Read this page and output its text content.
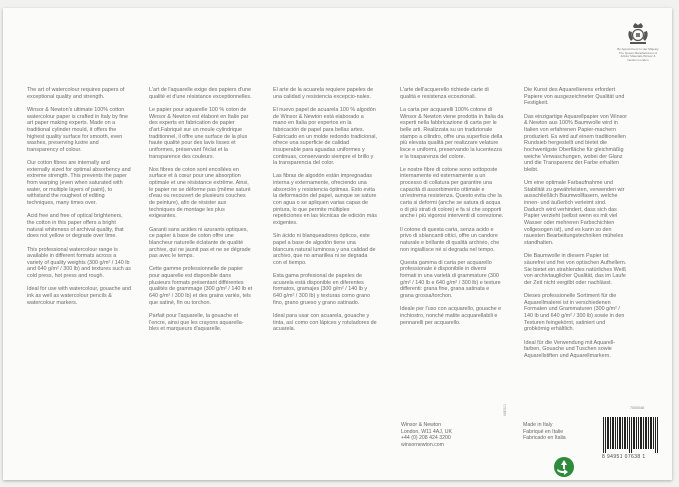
By Appointment to Her Majesty The Queen Manufacturers of Artists' Materials Winsor & Newton London

The art of watercolour requires papers of exceptional quality and strength.

Winsor & Newton's ultimate 100% cotton watercolour paper is crafted in Italy by fine art paper making experts. Made on a traditional cylinder mould, it offers the highest quality surface for smooth, even washes, preserving lustre and transparency of colour.

Our cotton fibres are internally and externally sized for optimal absorbency and extreme strength. This prevents the paper from warping (even when saturated with water, or multiple layers of paint), to withstand the roughest of editing techniques, many times over.

Acid free and free of optical brighteners, the cotton in this paper offers a bright natural whiteness of archival quality, that does not yellow or degrade over time.

This professional watercolour range is available in different formats across a variety of quality weights (300 g/m² / 140 lb and 640 g/m² / 300 lb) and textures such as cold press, hot press and rough.

Ideal for use with watercolour, gouache and ink as well as watercolour pencils & watercolour markers.

L'art de l'aquarelle exige des papiers d'une qualité et d'une résistance exceptionnelles.

Le papier pour aquarelle 100 % coton de Winsor & Newton est élaboré en Italie par des experts en fabrication de papier d'art.Fabriqué sur un moule cylindrique traditionnel, il offre une surface de la plus haute qualité pour des lavis lisses et uniformes, préservant l'éclat et la transparence des couleurs.

Nos fibres de coton sont encollées en surface et à cœur pour une absorption optimale et une résistance extrême. Ainsi, le papier ne se déforme pas (même saturé d'eau ou recouvert de plusieurs couches de peinture), afin de résister aux techniques de montage les plus exigeantes.

Garanti sans acides ni azurants optiques, ce papier à base de coton offre une blancheur naturelle éclatante de qualité archive, qui ne jaunit pas et ne se dégrade pas avec le temps.

Cette gamme professionnelle de papier pour aquarelle est disponible dans plusieurs formats présentant différentes qualités de grammage (300 g/m² / 140 lb et 640 g/m² / 300 lb) et des grains variés, tels que satiné, fin ou torchon.

Parfait pour l'aquarelle, la gouache et l'encre, ainsi que les crayons aquarella-bles et marqueurs d'aquarelle.

El arte de la acuarela requiere papeles de una calidad y resistencia excepcio-nales.

El nuevo papel de acuarela 100 % algodón de Winsor & Newton está elaborado a mano en Italia por expertos en la fabricación de papel para bellas artes. Fabricado en un molde redondo tradicional, ofrece una superficie de calidad insuperable para aguadas uniformes y continuas, conservando siempre el brillo y la transparencia del color.

Las fibras de algodón están impregnadas interna y externamente, ofreciendo una absorción y resistencia óptimas. Esto evita la deformación del papel, aunque se sature con agua o se apliquen varias capas de pintura, lo que permite múltiples repeticiones en las técnicas de edición más exigentes.

Sin ácido ni blanqueadores ópticos, este papel a base de algodón tiene una blancura natural luminosa y una calidad de archivo, que no amarillea ni se degrada con el tiempo.

Esta gama profesional de papeles de acuarela está disponible en diferentes formatos, gramajes (300 g/m² / 140 lb y 640 g/m² / 300 lb) y texturas como grano fino, grano grueso y grano satinado.

Ideal para usar con acuarela, gouache y tinta, así como con lápices y rotuladores de acuarela.

L'arte dell'acquerello richiede carte di qualità e resistenza eccezionali.

La carta per acquarelli 100% cotone di Winsor & Newton viene prodotta in Italia da esperti nella fabbricazione di carta per le belle arti. Realizzata su un tradizionale stampo a cilindro, offre una superficie della più elevata qualità per realizzare velature lisce e uniformi, preservando la lucentezza e la trasparenza del colore.

Le nostre fibre di cotone sono sottoposte internamente ed esternamente a un processo di collatura per garantire una capacità di assorbimento ottimale e un'estrema resistenza. Questo evita che la carta si deformi (anche se satura di acqua o di più strati di colore) e fa sì che sopporti anche i più vigorosi interventi di correzione.

Il cotone di questa carta, senza acido e privo di sbiancanti ottici, offre un candore naturale e brillante di qualità archivio, che non ingiallisce né si degrada nel tempo.

Questa gamma di carta per acquarello professionale è disponibile in diversi formati in una varietà di grammature (300 g/m² / 140 lb e 640 g/m² / 300 lb) e texture differenti: grana fine, grana satinata e grana grossa/torchon.

Ideale per l'uso con acquarello, gouache e inchiostro, nonché matite acquarellabili e pennarelli per acquarello.

Die Kunst des Aquarellierens erfordert Papiere von ausgezeichneter Qualität und Festigkeit.

Das einzigartige Aquarellpapier von Winsor & Newton aus 100% Baumwolle wird in Italien von erfahrenen Papier-machern produziert. Es wird auf einem traditionellen Rundsieb hergestellt und bietet die hochwertigste Oberfläche für gleichmäßig weiche Verwaschungen, wobei der Glanz und die Transparenz der Farbe erhalten bleibt.

Um eine optimale Farbaufnahme und Stabilität zu gewährleisten, verwenden wir ausschließlich Baumwollfasern, welche innen- und äußerlich verleimt sind. Dadurch wird verhindert, dass sich das Papier verzieht (selbst wenn es mit viel Wasser oder mehreren Farbschichten vollgesogen ist), und es kann so den rauesten Bearbeitungstechniken müheles standhalten.

Die Baumwolle in diesem Papier ist säurefrei und frei von optischen Aufhellern. Sie bietet ein strahlendes natürliches Weiß von archivtauglicher Qualität, das im Laufe der Zeit nicht vergilbt oder nachlässt.

Dieses professionelle Sortiment für die Aquarellmalerei ist in verschiedenen Formaten und Grammaturen (300 g/m² / 140 lb und 640 g/m² / 300 lb) sowie in den Texturen feingekörnt, satiniert und grobkörnig erhältlich.

Ideal für die Verwendung mit Aquarell-farben, Gouache und Tuschen sowie Aquarellstiften und Aquarellmarkern.

Winsor & Newton
London, W11 4AJ, UK
+44 (0) 208 424 3200
winsornewton.com
68ES01
Made in Italy
Fabriqué en Italie
Fabricado en Italia
7000048
8 94951 07638 1
